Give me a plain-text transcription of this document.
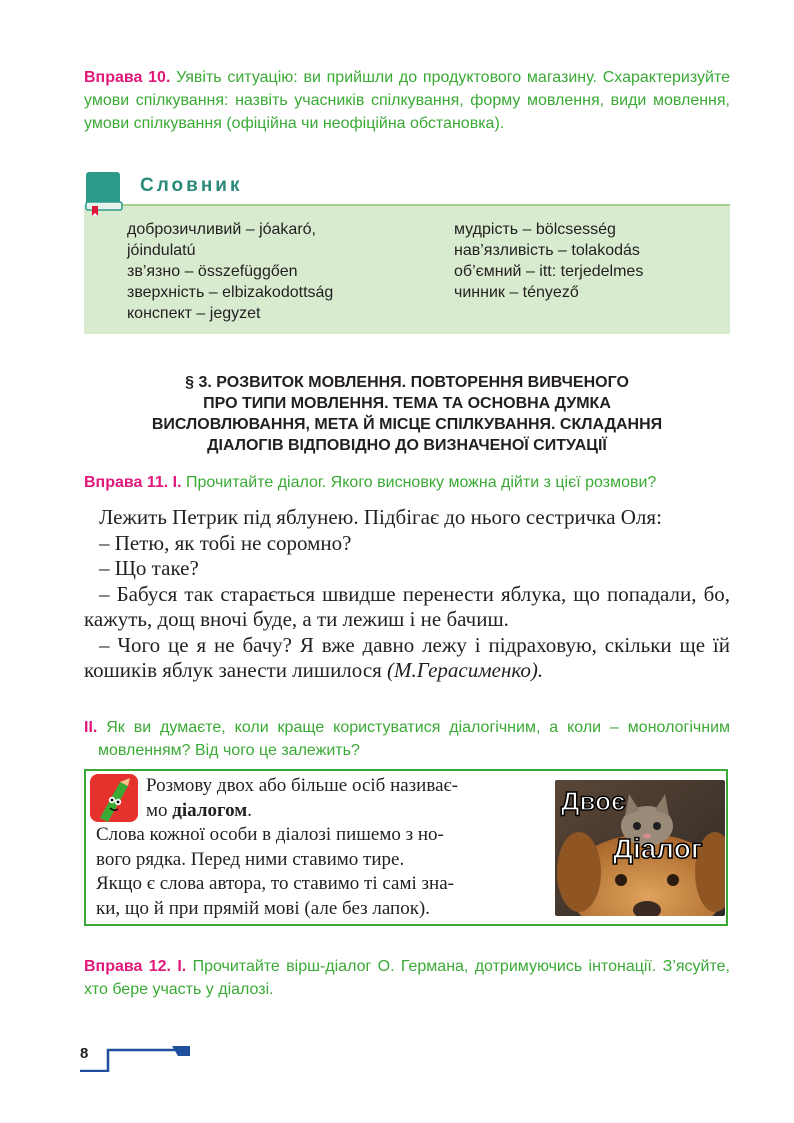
Вправа 10. Уявіть ситуацію: ви прийшли до продуктового магазину. Схарактеризуйте умови спілкування: назвіть учасників спілкування, форму мовлення, види мовлення, умови спілкування (офіційна чи неофіційна обстановка).

Словник
доброзичливий – jóakaró,
jóindulatú
зв’язно – összefüggően
зверхність – elbizakodottság
конспект – jegyzet
мудрість – bölcsesség
нав’язливість – tolakodás
об’ємний – itt: terjedelmes
чинник – tényező
§ 3. РОЗВИТОК МОВЛЕННЯ. ПОВТОРЕННЯ ВИВЧЕНОГО
ПРО ТИПИ МОВЛЕННЯ. ТЕМА ТА ОСНОВНА ДУМКА
ВИСЛОВЛЮВАННЯ, МЕТА Й МІСЦЕ СПІЛКУВАННЯ. СКЛАДАННЯ
ДІАЛОГІВ ВІДПОВІДНО ДО ВИЗНАЧЕНОЇ СИТУАЦІЇ

Вправа 11. І. Прочитайте діалог. Якого висновку можна дійти з цієї розмови?

Лежить Петрик під яблунею. Підбігає до нього сестричка Оля:

– Петю, як тобі не соромно?

– Що таке?

– Бабуся так старається швидше перенести яблука, що попадали, бо, кажуть, дощ вночі буде, а ти лежиш і не бачиш.

– Чого це я не бачу? Я вже давно лежу і підраховую, скільки ще їй кошиків яблук занести лишилося (М.Герасименко).

ІІ. Як ви думаєте, коли краще користуватися діалогічним, а коли – монологічним мовленням? Від чого це залежить?

Розмову двох або більше осіб називає-
мо діалогом.
Слова кожної особи в діалозі пишемо з но-
вого рядка. Перед ними ставимо тире.
Якщо є слова автора, то ставимо ті самі зна-
ки, що й при прямій мові (але без лапок).
Двоє
Діалог

Вправа 12. І. Прочитайте вірш-діалог О. Германа, дотримуючись інтонації. З’ясуйте, хто бере участь у діалозі.

8
